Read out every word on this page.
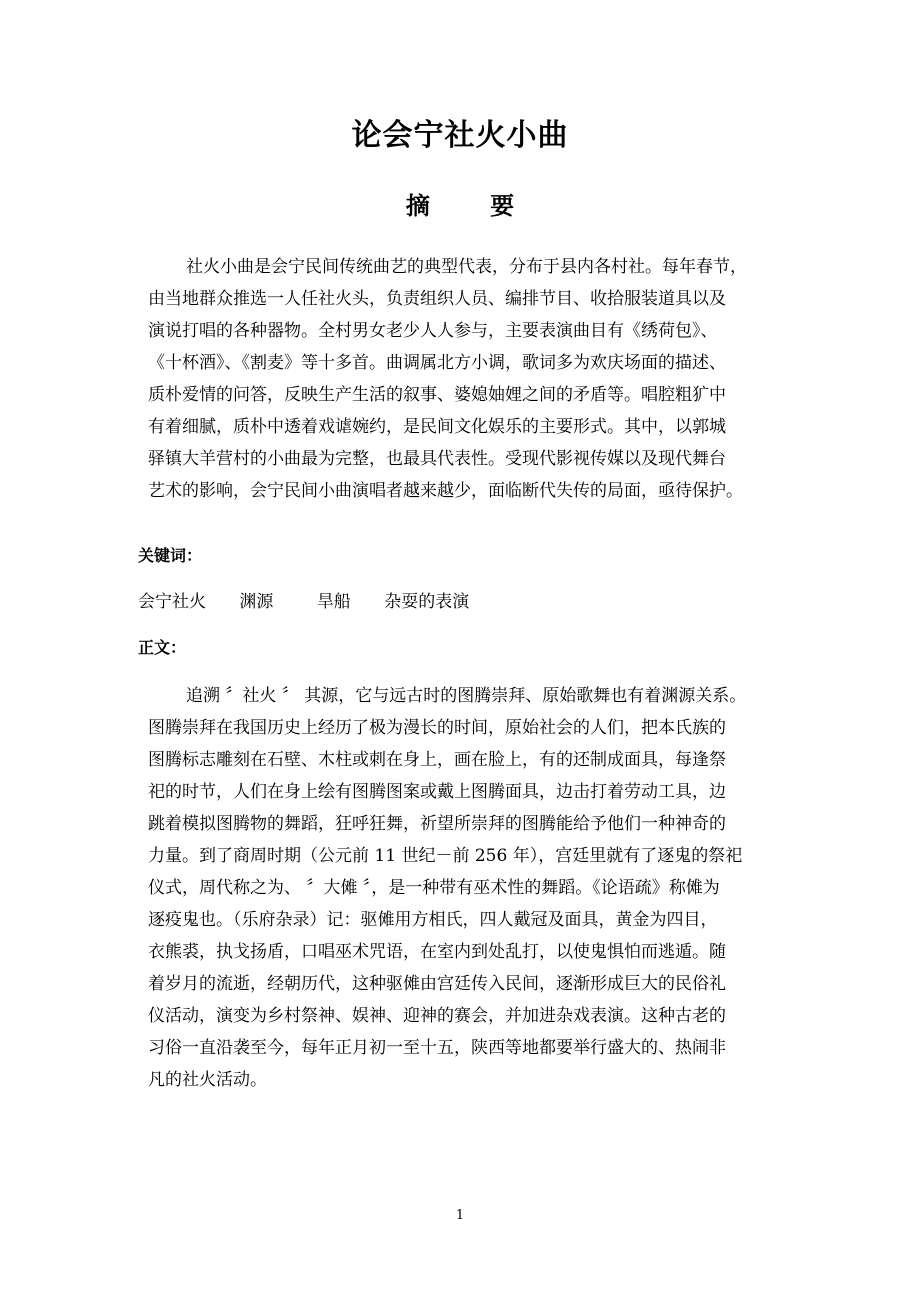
论会宁社火小曲
摘 要
社火小曲是会宁民间传统曲艺的典型代表，分布于县内各村社。每年春节，
由当地群众推选一人任社火头，负责组织人员、编排节目、收拾服装道具以及
演说打唱的各种器物。全村男女老少人人参与，主要表演曲目有《绣荷包》、
《十杯酒》、《割麦》等十多首。曲调属北方小调，歌词多为欢庆场面的描述、
质朴爱情的问答，反映生产生活的叙事、婆媳妯娌之间的矛盾等。唱腔粗犷中
有着细腻，质朴中透着戏谑婉约，是民间文化娱乐的主要形式。其中，以郭城
驿镇大羊营村的小曲最为完整，也最具代表性。受现代影视传媒以及现代舞台
艺术的影响，会宁民间小曲演唱者越来越少，面临断代失传的局面，亟待保护。
关键词：
会宁社火 渊源	旱船 杂耍的表演
正文：
追溯 〞社火 〞 其源，它与远古时的图腾崇拜、原始歌舞也有着渊源关系。
图腾崇拜在我国历史上经历了极为漫长的时间，原始社会的人们，把本氏族的
图腾标志雕刻在石壁、木柱或刺在身上，画在脸上，有的还制成面具，每逢祭
祀的时节，人们在身上绘有图腾图案或戴上图腾面具，边击打着劳动工具，边
跳着模拟图腾物的舞蹈，狂呼狂舞，祈望所崇拜的图腾能给予他们一种神奇的
力量。到了商周时期（公元前 11 世纪－前 256 年），宫廷里就有了逐鬼的祭祀
仪式，周代称之为、 〞大傩 〞，是一种带有巫术性的舞蹈。《论语疏》称傩为
逐疫鬼也。（乐府杂录）记：驱傩用方相氏，四人戴冠及面具，黄金为四目，
衣熊裘，执戈扬盾，口唱巫术咒语，在室内到处乱打，以使鬼惧怕而逃遁。随
着岁月的流逝，经朝历代，这种驱傩由宫廷传入民间，逐渐形成巨大的民俗礼
仪活动，演变为乡村祭神、娱神、迎神的赛会，并加进杂戏表演。这种古老的
习俗一直沿袭至今，每年正月初一至十五，陕西等地都要举行盛大的、热闹非
凡的社火活动。
1
